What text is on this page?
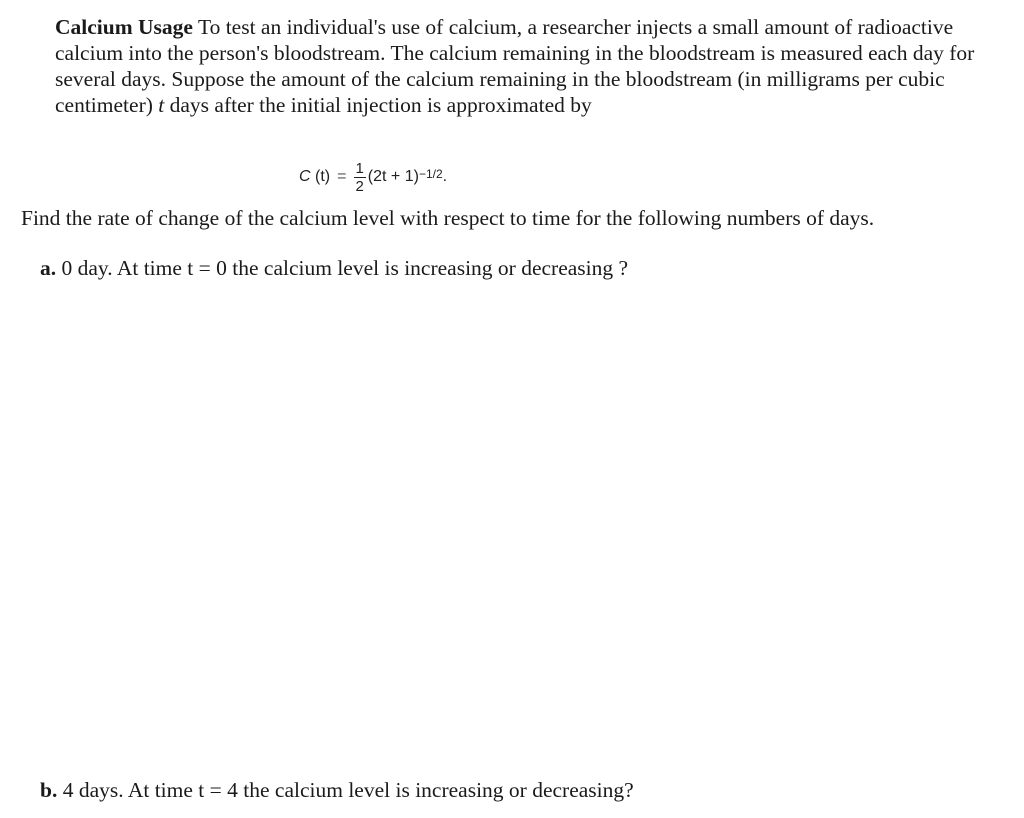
Calcium Usage To test an individual's use of calcium, a researcher injects a small amount of radioactive calcium into the person's bloodstream. The calcium remaining in the bloodstream is measured each day for several days. Suppose the amount of the calcium remaining in the bloodstream (in milligrams per cubic centimeter) t days after the initial injection is approximated by
C $(t) = \frac{1}{2} (2t + 1)^{-1/2}$ .
Find the rate of change of the calcium level with respect to time for the following numbers of days.
a. 0 day. At time t = 0 the calcium level is increasing or decreasing ?
b. 4 days. At time t = 4 the calcium level is increasing or decreasing?
